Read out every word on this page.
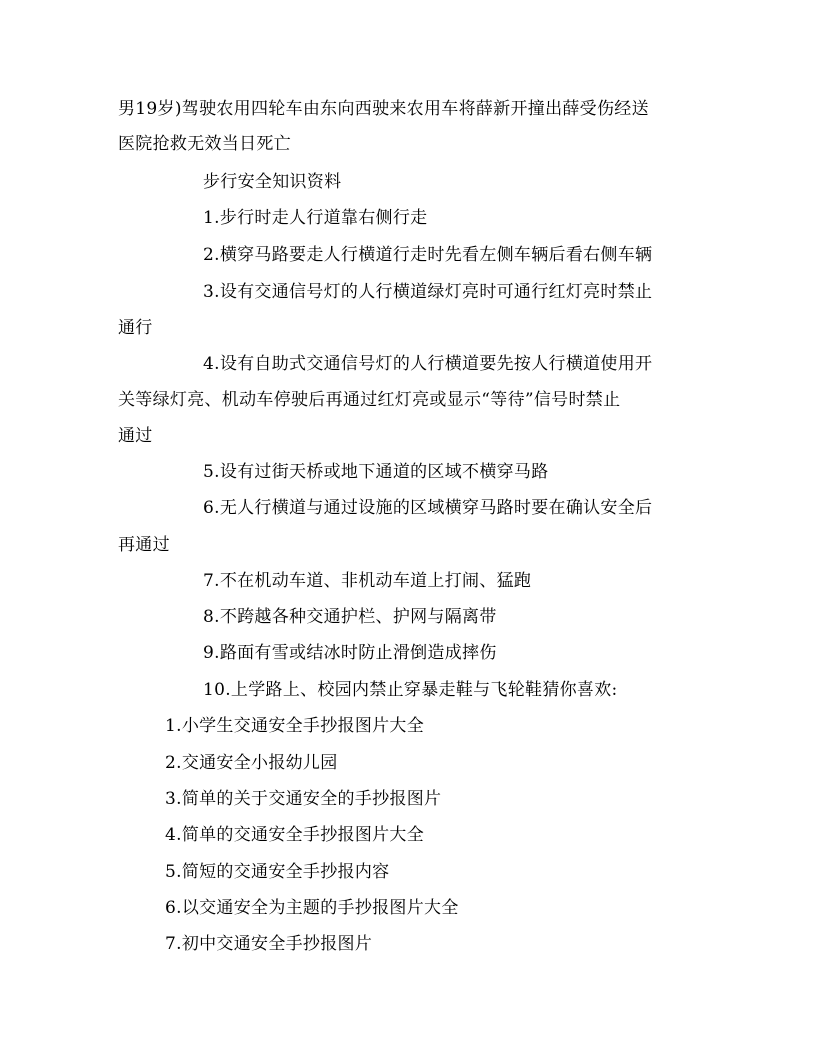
男19岁)驾驶农用四轮车由东向西驶来农用车将薛新开撞出薛受伤经送
医院抢救无效当日死亡
步行安全知识资料
1.步行时走人行道靠右侧行走
2.横穿马路要走人行横道行走时先看左侧车辆后看右侧车辆
3.设有交通信号灯的人行横道绿灯亮时可通行红灯亮时禁止
通行
4.设有自助式交通信号灯的人行横道要先按人行横道使用开
关等绿灯亮、机动车停驶后再通过红灯亮或显示“等待”信号时禁止
通过
5.设有过街天桥或地下通道的区域不横穿马路
6.无人行横道与通过设施的区域横穿马路时要在确认安全后
再通过
7.不在机动车道、非机动车道上打闹、猛跑
8.不跨越各种交通护栏、护网与隔离带
9.路面有雪或结冰时防止滑倒造成摔伤
10.上学路上、校园内禁止穿暴走鞋与飞轮鞋猜你喜欢:
1.小学生交通安全手抄报图片大全
2.交通安全小报幼儿园
3.简单的关于交通安全的手抄报图片
4.简单的交通安全手抄报图片大全
5.简短的交通安全手抄报内容
6.以交通安全为主题的手抄报图片大全
7.初中交通安全手抄报图片
